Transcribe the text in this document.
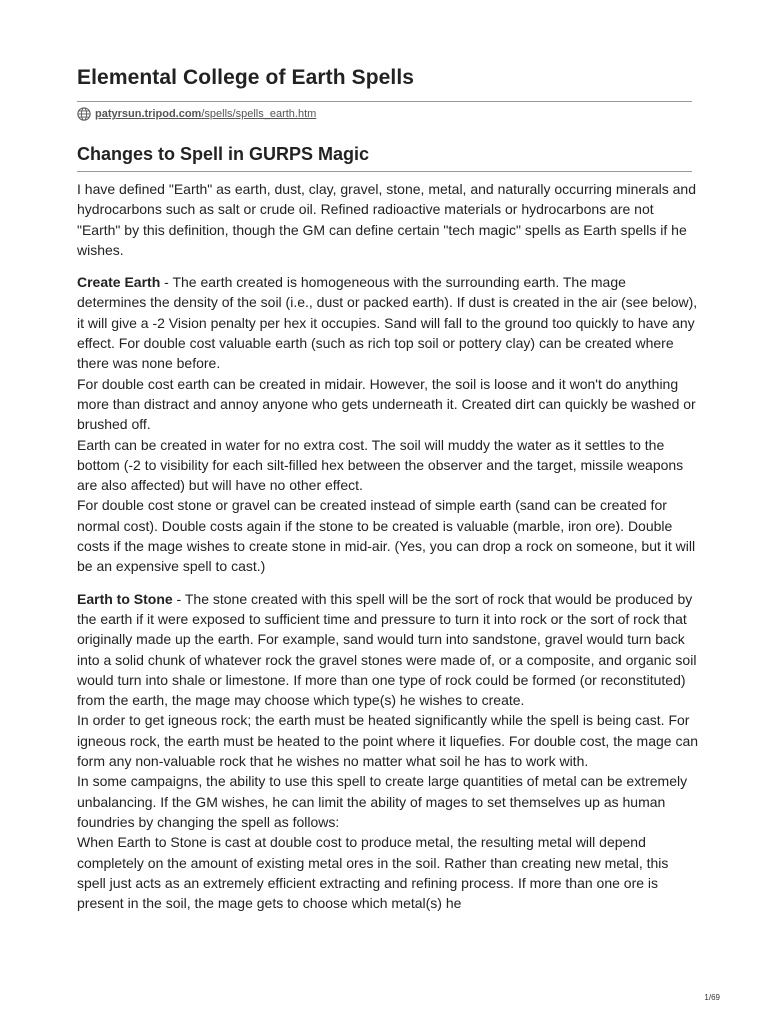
Elemental College of Earth Spells
patyrsun.tripod.com/spells/spells_earth.htm
Changes to Spell in GURPS Magic

I have defined "Earth" as earth, dust, clay, gravel, stone, metal, and naturally occurring minerals and hydrocarbons such as salt or crude oil. Refined radioactive materials or hydrocarbons are not "Earth" by this definition, though the GM can define certain "tech magic" spells as Earth spells if he wishes.

Create Earth - The earth created is homogeneous with the surrounding earth. The mage determines the density of the soil (i.e., dust or packed earth). If dust is created in the air (see below), it will give a -2 Vision penalty per hex it occupies. Sand will fall to the ground too quickly to have any effect. For double cost valuable earth (such as rich top soil or pottery clay) can be created where there was none before.

For double cost earth can be created in midair. However, the soil is loose and it won't do anything more than distract and annoy anyone who gets underneath it. Created dirt can quickly be washed or brushed off.

Earth can be created in water for no extra cost. The soil will muddy the water as it settles to the bottom (-2 to visibility for each silt-filled hex between the observer and the target, missile weapons are also affected) but will have no other effect.

For double cost stone or gravel can be created instead of simple earth (sand can be created for normal cost). Double costs again if the stone to be created is valuable (marble, iron ore). Double costs if the mage wishes to create stone in mid-air. (Yes, you can drop a rock on someone, but it will be an expensive spell to cast.)

Earth to Stone - The stone created with this spell will be the sort of rock that would be produced by the earth if it were exposed to sufficient time and pressure to turn it into rock or the sort of rock that originally made up the earth. For example, sand would turn into sandstone, gravel would turn back into a solid chunk of whatever rock the gravel stones were made of, or a composite, and organic soil would turn into shale or limestone. If more than one type of rock could be formed (or reconstituted) from the earth, the mage may choose which type(s) he wishes to create.

In order to get igneous rock; the earth must be heated significantly while the spell is being cast. For igneous rock, the earth must be heated to the point where it liquefies. For double cost, the mage can form any non-valuable rock that he wishes no matter what soil he has to work with.

In some campaigns, the ability to use this spell to create large quantities of metal can be extremely unbalancing. If the GM wishes, he can limit the ability of mages to set themselves up as human foundries by changing the spell as follows:

When Earth to Stone is cast at double cost to produce metal, the resulting metal will depend completely on the amount of existing metal ores in the soil. Rather than creating new metal, this spell just acts as an extremely efficient extracting and refining process. If more than one ore is present in the soil, the mage gets to choose which metal(s) he

1/69
